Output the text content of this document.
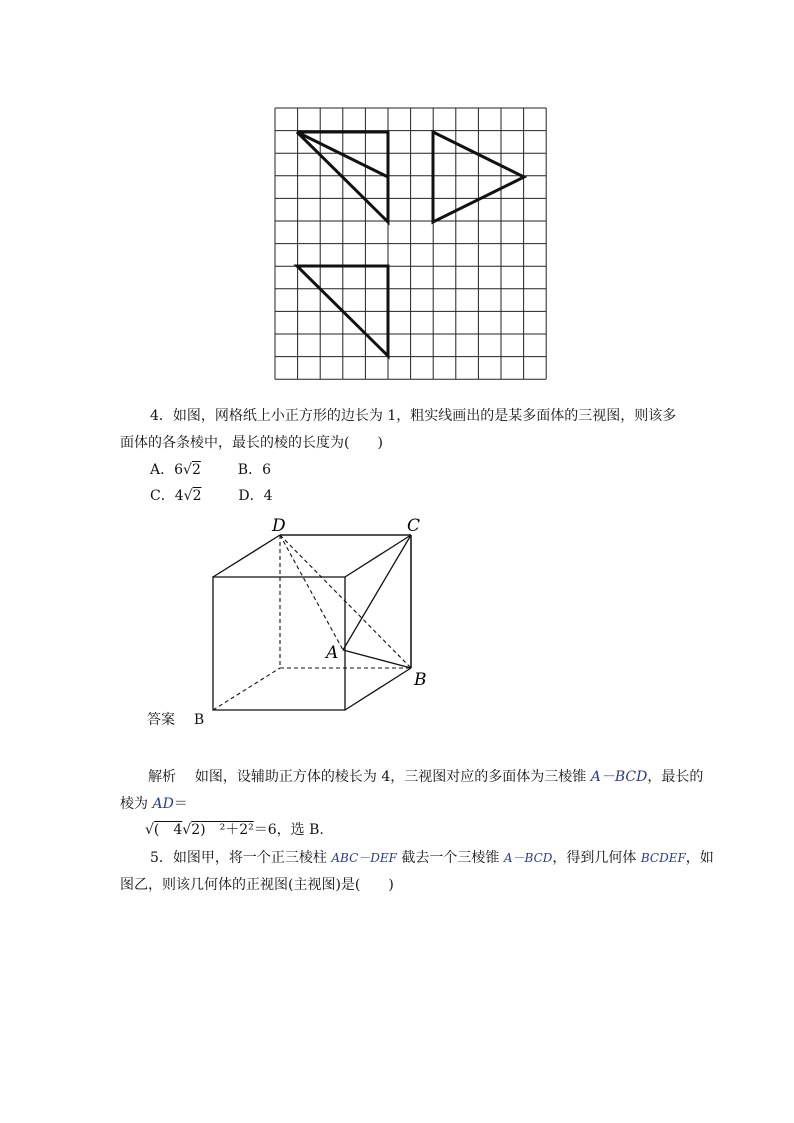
4．如图，网格纸上小正方形的边长为 1，粗实线画出的是某多面体的三视图，则该多
面体的各条棱中，最长的棱的长度为(　　)
A．6√2	B．6
C．4√2	D．4
D	C
A
B
答案 B
解析 如图，设辅助正方体的棱长为 4，三视图对应的多面体为三棱锥 A－BCD，最长的
棱为 AD＝
√(　4√2)　²＋2²＝6，选 B.
5．如图甲，将一个正三棱柱 ABC－DEF 截去一个三棱锥 A－BCD，得到几何体 BCDEF，如
图乙，则该几何体的正视图(主视图)是(　　)
